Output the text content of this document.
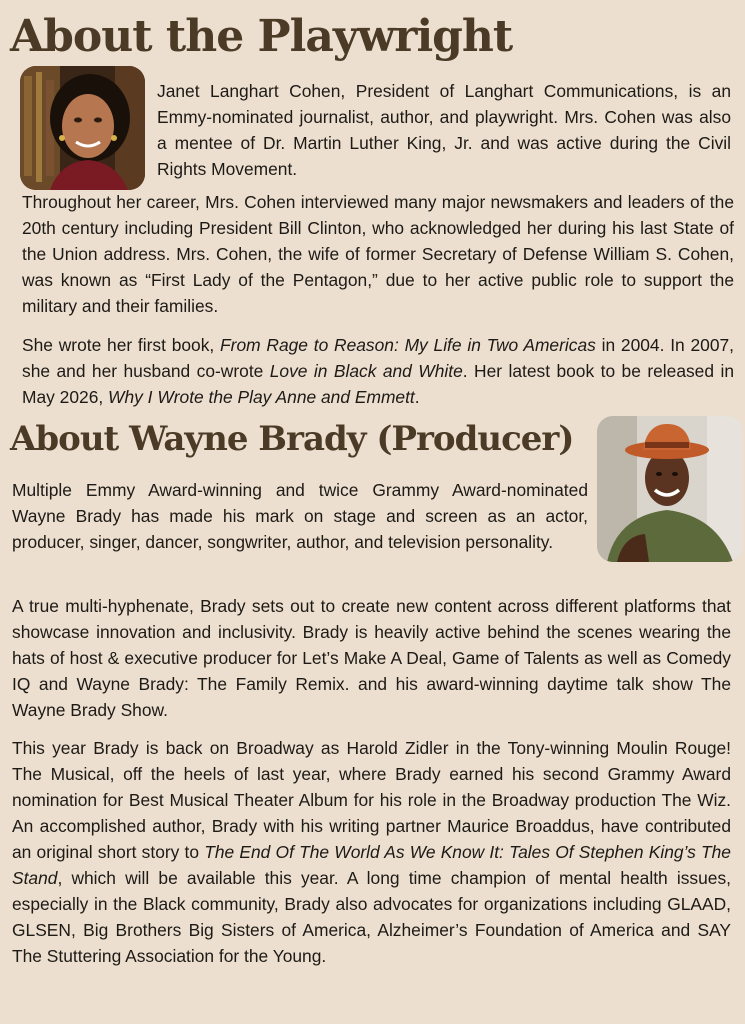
About the Playwright

Janet Langhart Cohen, President of Langhart Communications, is an Emmy-nominated journalist, author, and playwright. Mrs. Cohen was also a mentee of Dr. Martin Luther King, Jr. and was active during the Civil Rights Movement.

Throughout her career, Mrs. Cohen interviewed many major newsmakers and leaders of the 20th century including President Bill Clinton, who acknowledged her during his last State of the Union address. Mrs. Cohen, the wife of former Secretary of Defense William S. Cohen, was known as “First Lady of the Pentagon,” due to her active public role to support the military and their families.

She wrote her first book, From Rage to Reason: My Life in Two Americas in 2004. In 2007, she and her husband co-wrote Love in Black and White. Her latest book to be released in May 2026, Why I Wrote the Play Anne and Emmett.

About Wayne Brady (Producer)

Multiple Emmy Award-winning and twice Grammy Award-nominated Wayne Brady has made his mark on stage and screen as an actor, producer, singer, dancer, songwriter, author, and television personality.

A true multi-hyphenate, Brady sets out to create new content across different platforms that showcase innovation and inclusivity. Brady is heavily active behind the scenes wearing the hats of host & executive producer for Let’s Make A Deal, Game of Talents as well as Comedy IQ and Wayne Brady: The Family Remix. and his award-winning daytime talk show The Wayne Brady Show.

This year Brady is back on Broadway as Harold Zidler in the Tony-winning Moulin Rouge! The Musical, off the heels of last year, where Brady earned his second Grammy Award nomination for Best Musical Theater Album for his role in the Broadway production The Wiz. An accomplished author, Brady with his writing partner Maurice Broaddus, have contributed an original short story to The End Of The World As We Know It: Tales Of Stephen King’s The Stand, which will be available this year. A long time champion of mental health issues, especially in the Black community, Brady also advocates for organizations including GLAAD, GLSEN, Big Brothers Big Sisters of America, Alzheimer’s Foundation of America and SAY The Stuttering Association for the Young.
